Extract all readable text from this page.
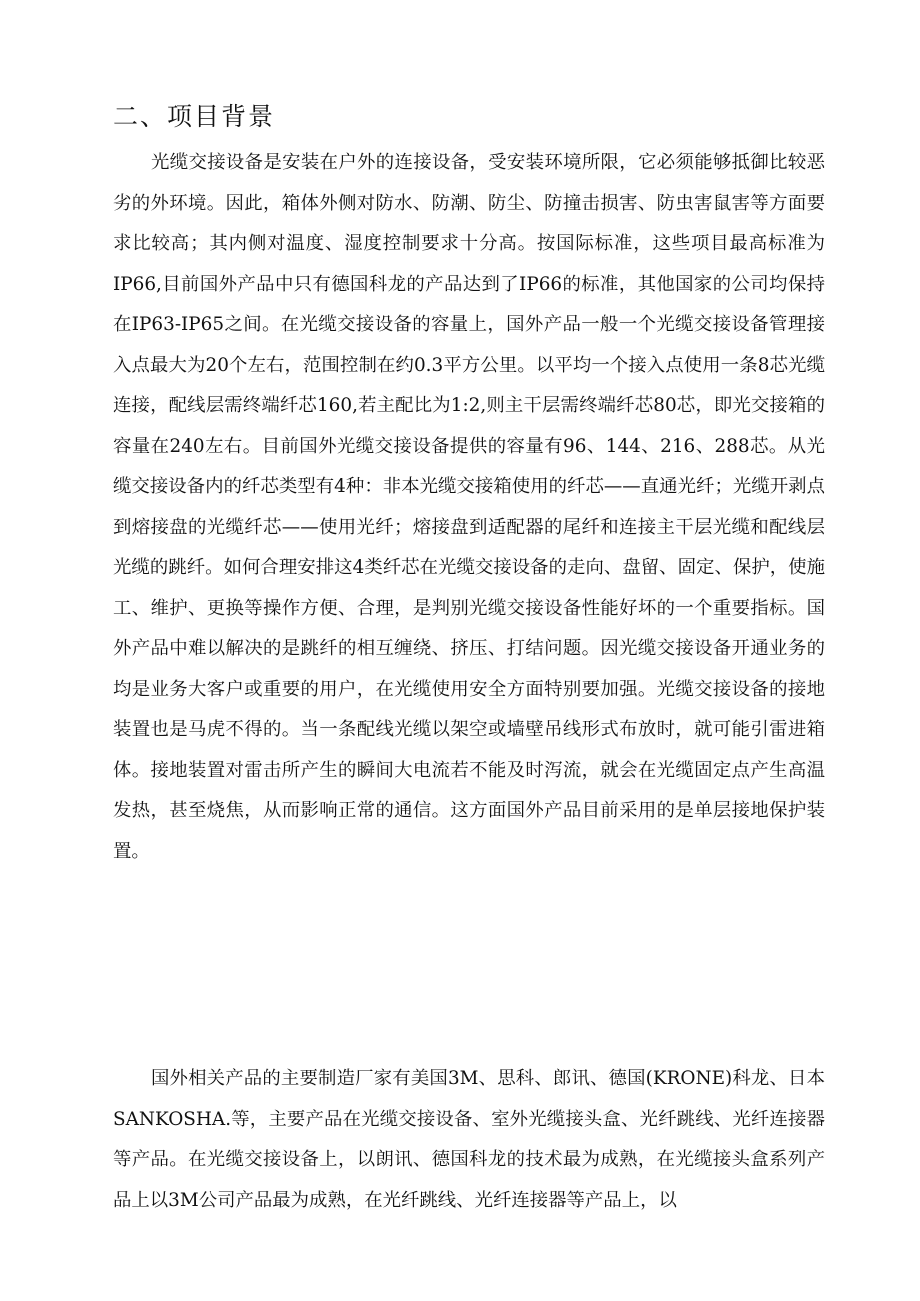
二、项目背景

光缆交接设备是安装在户外的连接设备，受安装环境所限，它必须能够抵御比较恶劣的外环境。因此，箱体外侧对防水、防潮、防尘、防撞击损害、防虫害鼠害等方面要求比较高；其内侧对温度、湿度控制要求十分高。按国际标准，这些项目最高标准为IP66,目前国外产品中只有德国科龙的产品达到了IP66的标准，其他国家的公司均保持在IP63-IP65之间。在光缆交接设备的容量上，国外产品一般一个光缆交接设备管理接入点最大为20个左右，范围控制在约0.3平方公里。以平均一个接入点使用一条8芯光缆连接，配线层需终端纤芯160,若主配比为1:2,则主干层需终端纤芯80芯，即光交接箱的容量在240左右。目前国外光缆交接设备提供的容量有96、144、216、288芯。从光缆交接设备内的纤芯类型有4种：非本光缆交接箱使用的纤芯——直通光纤；光缆开剥点到熔接盘的光缆纤芯——使用光纤；熔接盘到适配器的尾纤和连接主干层光缆和配线层光缆的跳纤。如何合理安排这4类纤芯在光缆交接设备的走向、盘留、固定、保护，使施工、维护、更换等操作方便、合理，是判别光缆交接设备性能好坏的一个重要指标。国外产品中难以解决的是跳纤的相互缠绕、挤压、打结问题。因光缆交接设备开通业务的均是业务大客户或重要的用户，在光缆使用安全方面特别要加强。光缆交接设备的接地装置也是马虎不得的。当一条配线光缆以架空或墙壁吊线形式布放时，就可能引雷进箱体。接地装置对雷击所产生的瞬间大电流若不能及时泻流，就会在光缆固定点产生高温发热，甚至烧焦，从而影响正常的通信。这方面国外产品目前采用的是单层接地保护装置。

国外相关产品的主要制造厂家有美国3M、思科、郎讯、德国(KRONE)科龙、日本SANKOSHA.等，主要产品在光缆交接设备、室外光缆接头盒、光纤跳线、光纤连接器等产品。在光缆交接设备上，以朗讯、德国科龙的技术最为成熟，在光缆接头盒系列产品上以3M公司产品最为成熟，在光纤跳线、光纤连接器等产品上，以
